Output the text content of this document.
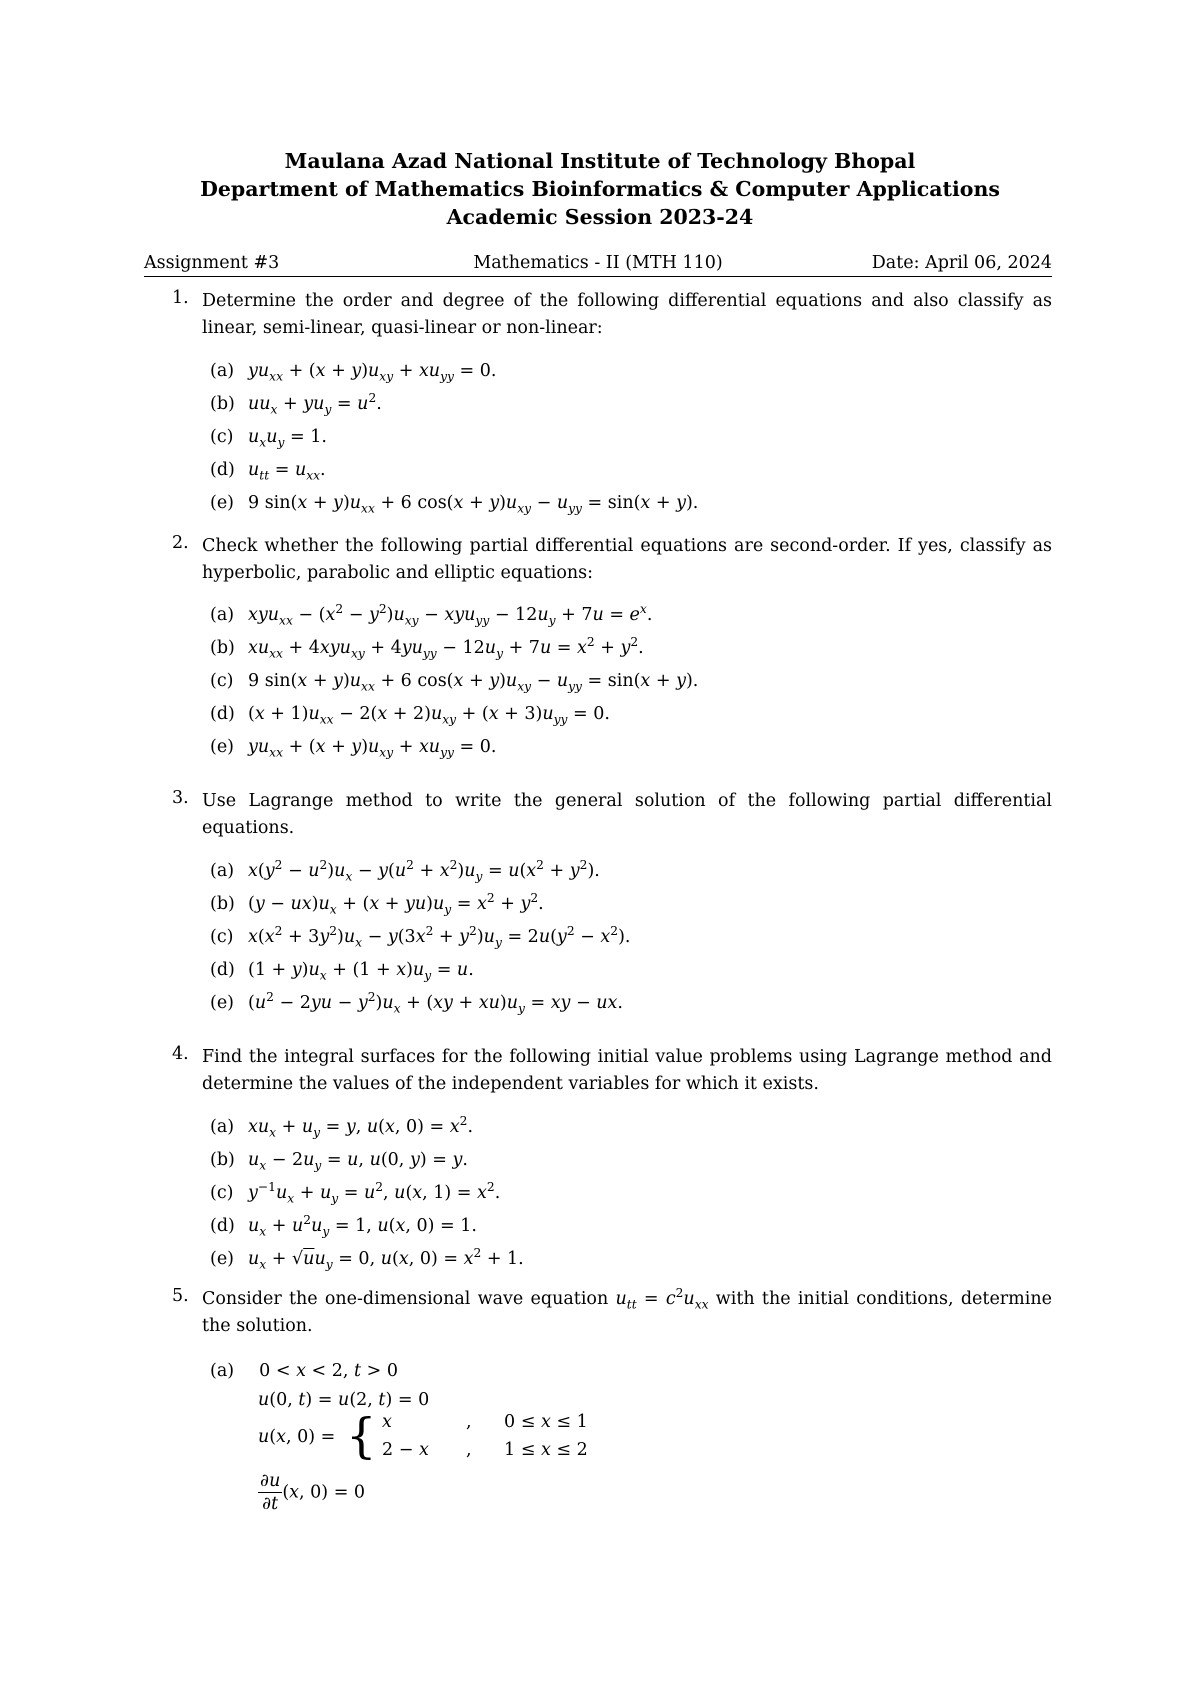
Maulana Azad National Institute of Technology Bhopal
Department of Mathematics Bioinformatics & Computer Applications
Academic Session 2023-24
Assignment #3	Mathematics - II (MTH 110)	Date: April 06, 2024
1. Determine the order and degree of the following differential equations and also classify as linear, semi-linear, quasi-linear or non-linear:
(a) $yu_{xx} + (x + y)u_{xy} + xu_{yy} = 0$.
(b) $uu_x + yu_y = u^2$.
(c) $u_xu_y = 1$.
(d) $u_{tt} = u_{xx}$.
(e) 9 $\sin(x + y)u_{xx} + 6$ $\cos(x + y)u_{xy} - u_{yy} = \sin(x + y)$.
2. Check whether the following partial differential equations are second-order. If yes, classify as hyperbolic, parabolic and elliptic equations:
(a) $xyu_{xx} - (x^2 - y^2)u_{xy} - xyu_{yy} - 12u_y + 7u = e^x$.
(b) $xu_{xx} + 4xyu_{xy} + 4yu_{yy} - 12u_y + 7u = x^2 + y^2$.
(c) 9 $\sin(x + y)u_{xx} + 6$ $\cos(x + y)u_{xy} - u_{yy} = \sin(x + y)$.
(d) $(x + 1)u_{xx} - 2(x + 2)u_{xy} + (x + 3)u_{yy} = 0$.
(e) $yu_{xx} + (x + y)u_{xy} + xu_{yy} = 0$.
3. Use Lagrange method to write the general solution of the following partial differential equations.
(a) $x(y^2 - u^2)u_x - y(u^2 + x^2)u_y = u(x^2 + y^2)$.
(b) $(y - ux)u_x + (x + yu)u_y = x^2 + y^2$.
(c) $x(x^2 + 3y^2)u_x - y(3x^2 + y^2)u_y = 2u(y^2 - x^2)$.
(d) $(1 + y)u_x + (1 + x)u_y = u$.
(e) $(u^2 - 2yu - y^2)u_x + (xy + xu)u_y$ = xy − ux.
4. Find the integral surfaces for the following initial value problems using Lagrange method and determine the values of the independent variables for which it exists.
(a) $xu_x + u_y = y$, u(x, $0) = x^2$.
(b) $u_x - 2u_y = u$, u(0, y) = y.
(c) $y^{-1}u_x + u_y = u^2$, u(x, $1) = x^2$.
(d) $u_x + u^2u_y = 1$, u(x, 0) = 1.
(e) $u_x + √uu_y = 0$, u(x, $0) = x^2 + 1$.
5. Consider the one-dimensional wave equation $u_{tt} = c^2u_{xx}$ with the initial conditions, determine the solution.
(a)  0 < x < 2, t > 0
u(0, t) = u(2, t) = 0
u(x, 0) = { x	, 0 ≤ x ≤ 1
2 − x , 1 ≤ x ≤ 2
$\frac{\partial u}{\partial t} (x$, 0) = 0
